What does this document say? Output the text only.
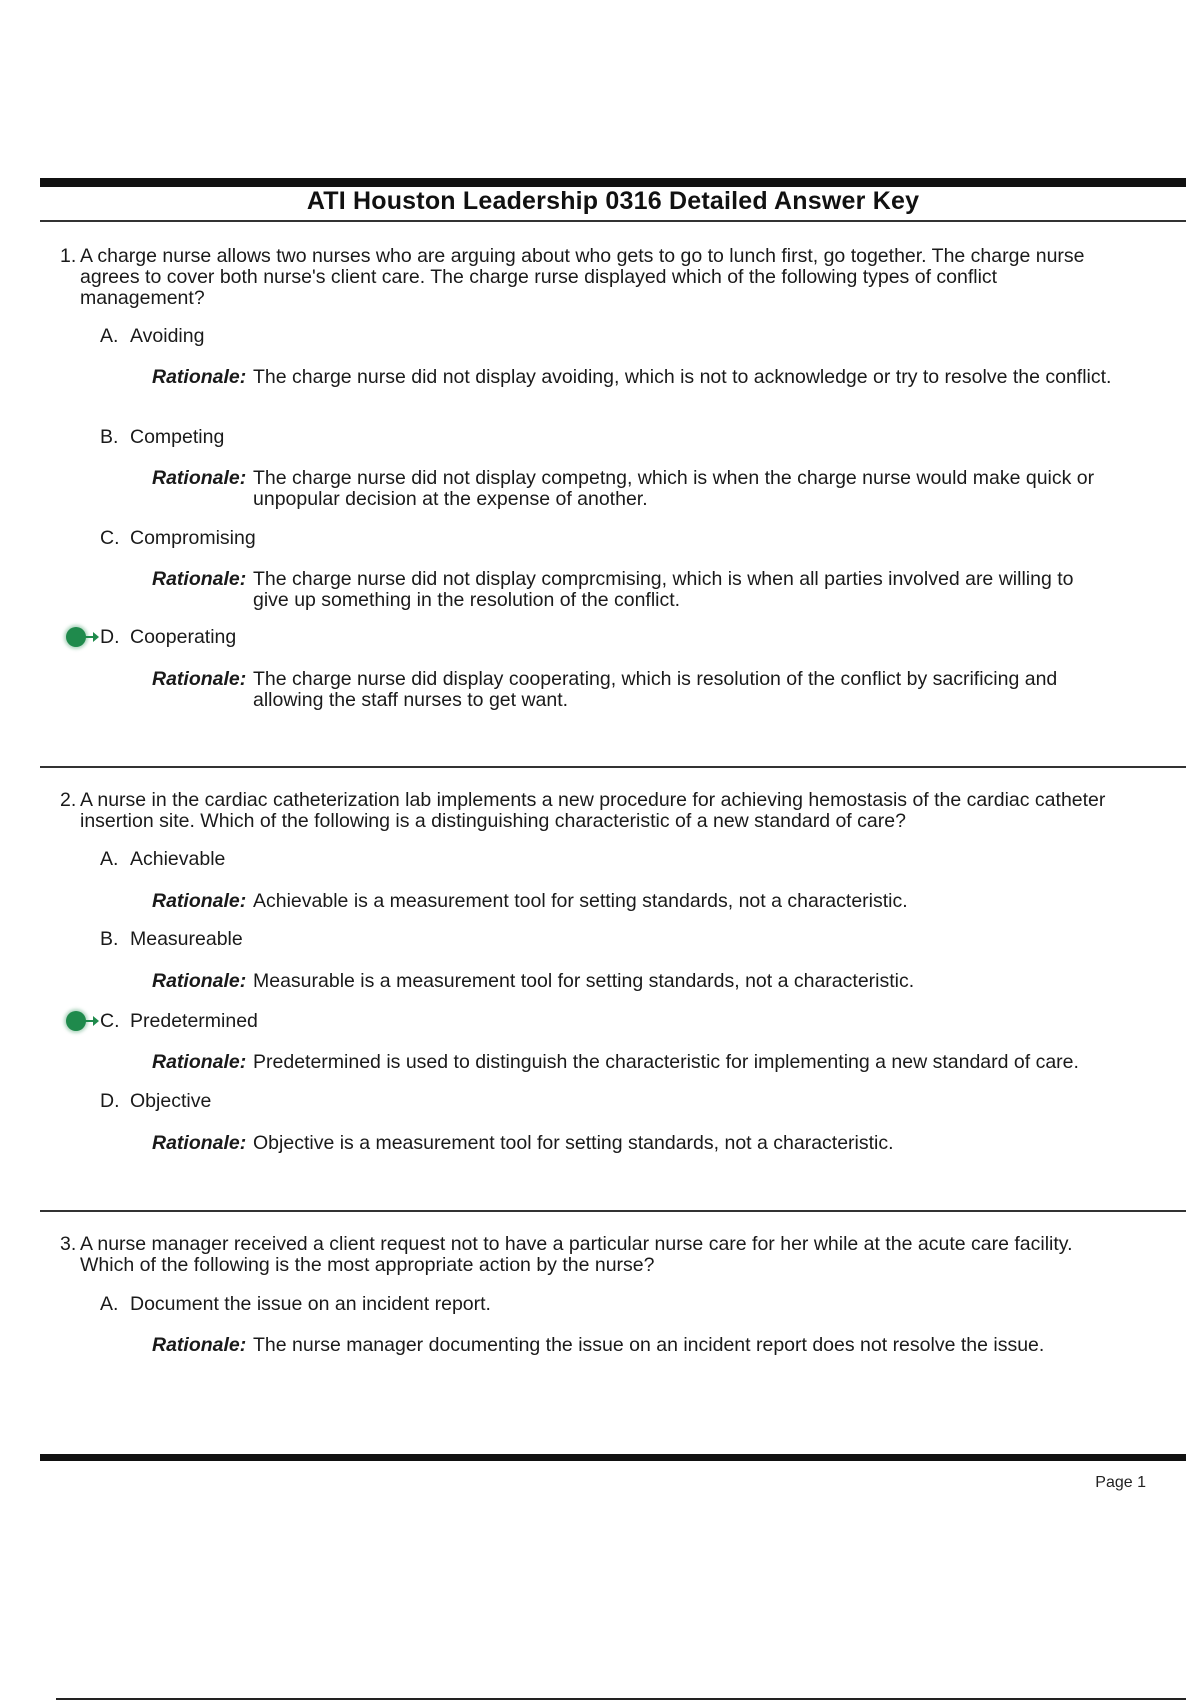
ATI Houston Leadership 0316 Detailed Answer Key
1. A charge nurse allows two nurses who are arguing about who gets to go to lunch first, go together. The charge nurse agrees to cover both nurse's client care. The charge rurse displayed which of the following types of conflict management?
A. Avoiding
Rationale: The charge nurse did not display avoiding, which is not to acknowledge or try to resolve the conflict.
B. Competing
Rationale: The charge nurse did not display competng, which is when the charge nurse would make quick or unpopular decision at the expense of another.
C. Compromising
Rationale: The charge nurse did not display comprcmising, which is when all parties involved are willing to give up something in the resolution of the conflict.
D. Cooperating
Rationale: The charge nurse did display cooperating, which is resolution of the conflict by sacrificing and allowing the staff nurses to get want.
2. A nurse in the cardiac catheterization lab implements a new procedure for achieving hemostasis of the cardiac catheter insertion site. Which of the following is a distinguishing characteristic of a new standard of care?
A. Achievable
Rationale: Achievable is a measurement tool for setting standards, not a characteristic.
B. Measureable
Rationale: Measurable is a measurement tool for setting standards, not a characteristic.
C. Predetermined
Rationale: Predetermined is used to distinguish the characteristic for implementing a new standard of care.
D. Objective
Rationale: Objective is a measurement tool for setting standards, not a characteristic.
3. A nurse manager received a client request not to have a particular nurse care for her while at the acute care facility. Which of the following is the most appropriate action by the nurse?
A. Document the issue on an incident report.
Rationale: The nurse manager documenting the issue on an incident report does not resolve the issue.
Page 1
